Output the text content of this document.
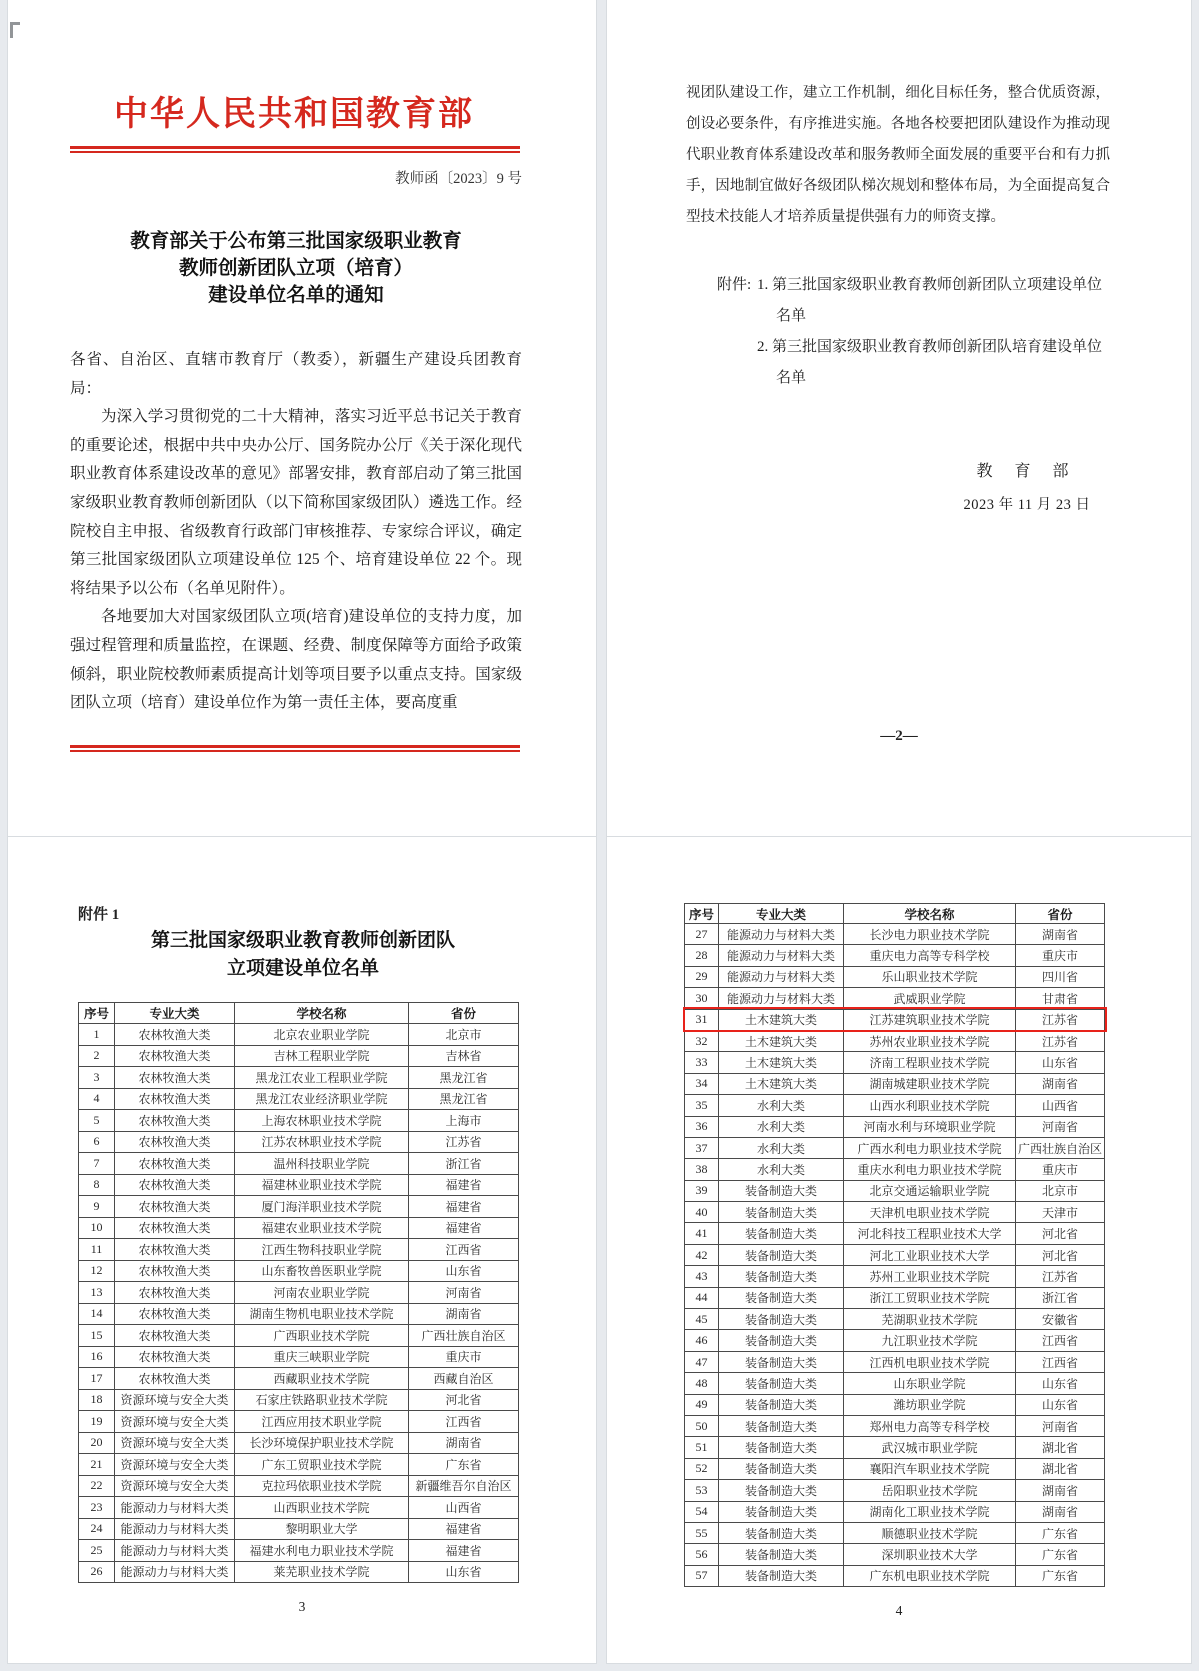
中华人民共和国教育部
教师函〔2023〕9 号
教育部关于公布第三批国家级职业教育
教师创新团队立项（培育）
建设单位名单的通知

各省、自治区、直辖市教育厅（教委），新疆生产建设兵团教育局：

为深入学习贯彻党的二十大精神，落实习近平总书记关于教育的重要论述，根据中共中央办公厅、国务院办公厅《关于深化现代职业教育体系建设改革的意见》部署安排，教育部启动了第三批国家级职业教育教师创新团队（以下简称国家级团队）遴选工作。经院校自主申报、省级教育行政部门审核推荐、专家综合评议，确定第三批国家级团队立项建设单位 125 个、培育建设单位 22 个。现将结果予以公布（名单见附件）。

各地要加大对国家级团队立项(培育)建设单位的支持力度，加强过程管理和质量监控，在课题、经费、制度保障等方面给予政策倾斜，职业院校教师素质提高计划等项目要予以重点支持。国家级团队立项（培育）建设单位作为第一责任主体，要高度重

视团队建设工作，建立工作机制，细化目标任务，整合优质资源，创设必要条件，有序推进实施。各地各校要把团队建设作为推动现代职业教育体系建设改革和服务教师全面发展的重要平台和有力抓手，因地制宜做好各级团队梯次规划和整体布局，为全面提高复合型技术技能人才培养质量提供强有力的师资支撑。

附件: 1. 第三批国家级职业教育教师创新团队立项建设单位名单
2. 第三批国家级职业教育教师创新团队培育建设单位名单
教 育 部
2023 年 11 月 23 日
—2—
附件 1
第三批国家级职业教育教师创新团队
立项建设单位名单
序号	专业大类	学校名称	省份
1	农林牧渔大类	北京农业职业学院	北京市
2	农林牧渔大类	吉林工程职业学院	吉林省
3	农林牧渔大类	黑龙江农业工程职业学院	黑龙江省
4	农林牧渔大类	黑龙江农业经济职业学院	黑龙江省
5	农林牧渔大类	上海农林职业技术学院	上海市
6	农林牧渔大类	江苏农林职业技术学院	江苏省
7	农林牧渔大类	温州科技职业学院	浙江省
8	农林牧渔大类	福建林业职业技术学院	福建省
9	农林牧渔大类	厦门海洋职业技术学院	福建省
10	农林牧渔大类	福建农业职业技术学院	福建省
11	农林牧渔大类	江西生物科技职业学院	江西省
12	农林牧渔大类	山东畜牧兽医职业学院	山东省
13	农林牧渔大类	河南农业职业学院	河南省
14	农林牧渔大类	湖南生物机电职业技术学院	湖南省
15	农林牧渔大类	广西职业技术学院	广西壮族自治区
16	农林牧渔大类	重庆三峡职业学院	重庆市
17	农林牧渔大类	西藏职业技术学院	西藏自治区
18	资源环境与安全大类	石家庄铁路职业技术学院	河北省
19	资源环境与安全大类	江西应用技术职业学院	江西省
20	资源环境与安全大类	长沙环境保护职业技术学院	湖南省
21	资源环境与安全大类	广东工贸职业技术学院	广东省
22	资源环境与安全大类	克拉玛依职业技术学院	新疆维吾尔自治区
23	能源动力与材料大类	山西职业技术学院	山西省
24	能源动力与材料大类	黎明职业大学	福建省
25	能源动力与材料大类	福建水利电力职业技术学院	福建省
26	能源动力与材料大类	莱芜职业技术学院	山东省
3
序号	专业大类	学校名称	省份
27	能源动力与材料大类	长沙电力职业技术学院	湖南省
28	能源动力与材料大类	重庆电力高等专科学校	重庆市
29	能源动力与材料大类	乐山职业技术学院	四川省
30	能源动力与材料大类	武威职业学院	甘肃省
31	土木建筑大类	江苏建筑职业技术学院	江苏省
32	土木建筑大类	苏州农业职业技术学院	江苏省
33	土木建筑大类	济南工程职业技术学院	山东省
34	土木建筑大类	湖南城建职业技术学院	湖南省
35	水利大类	山西水利职业技术学院	山西省
36	水利大类	河南水利与环境职业学院	河南省
37	水利大类	广西水利电力职业技术学院	广西壮族自治区
38	水利大类	重庆水利电力职业技术学院	重庆市
39	装备制造大类	北京交通运输职业学院	北京市
40	装备制造大类	天津机电职业技术学院	天津市
41	装备制造大类	河北科技工程职业技术大学	河北省
42	装备制造大类	河北工业职业技术大学	河北省
43	装备制造大类	苏州工业职业技术学院	江苏省
44	装备制造大类	浙江工贸职业技术学院	浙江省
45	装备制造大类	芜湖职业技术学院	安徽省
46	装备制造大类	九江职业技术学院	江西省
47	装备制造大类	江西机电职业技术学院	江西省
48	装备制造大类	山东职业学院	山东省
49	装备制造大类	潍坊职业学院	山东省
50	装备制造大类	郑州电力高等专科学校	河南省
51	装备制造大类	武汉城市职业学院	湖北省
52	装备制造大类	襄阳汽车职业技术学院	湖北省
53	装备制造大类	岳阳职业技术学院	湖南省
54	装备制造大类	湖南化工职业技术学院	湖南省
55	装备制造大类	顺德职业技术学院	广东省
56	装备制造大类	深圳职业技术大学	广东省
57	装备制造大类	广东机电职业技术学院	广东省
4
